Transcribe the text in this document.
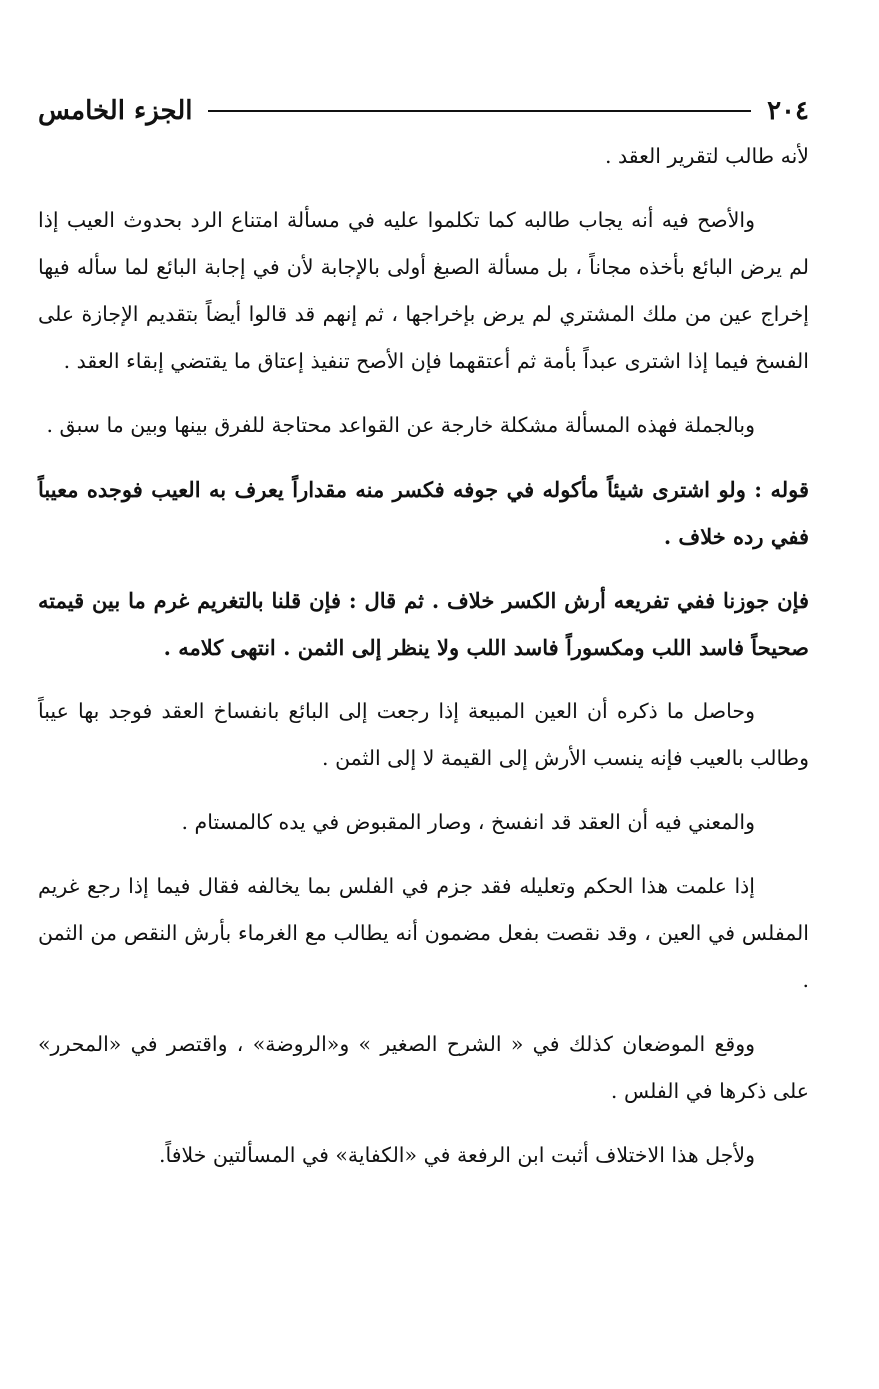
٢٠٤
الجزء الخامس

لأنه طالب لتقرير العقد .

والأصح فيه أنه يجاب طالبه كما تكلموا عليه في مسألة امتناع الرد بحدوث العيب إذا لم يرض البائع بأخذه مجاناً ، بل مسألة الصبغ أولى بالإجابة لأن في إجابة البائع لما سأله فيها إخراج عين من ملك المشتري لم يرض بإخراجها ، ثم إنهم قد قالوا أيضاً بتقديم الإجازة على الفسخ فيما إذا اشترى عبداً بأمة ثم أعتقهما فإن الأصح تنفيذ إعتاق ما يقتضي إبقاء العقد .

وبالجملة فهذه المسألة مشكلة خارجة عن القواعد محتاجة للفرق بينها وبين ما سبق .

قوله : ولو اشترى شيئاً مأكوله في جوفه فكسر منه مقداراً يعرف به العيب فوجده معيباً ففي رده خلاف .

فإن جوزنا ففي تفريعه أرش الكسر خلاف . ثم قال : فإن قلنا بالتغريم غرم ما بين قيمته صحيحاً فاسد اللب ومكسوراً فاسد اللب ولا ينظر إلى الثمن . انتهى كلامه .

وحاصل ما ذكره أن العين المبيعة إذا رجعت إلى البائع بانفساخ العقد فوجد بها عيباً وطالب بالعيب فإنه ينسب الأرش إلى القيمة لا إلى الثمن .

والمعني فيه أن العقد قد انفسخ ، وصار المقبوض في يده كالمستام .

إذا علمت هذا الحكم وتعليله فقد جزم في الفلس بما يخالفه فقال فيما إذا رجع غريم المفلس في العين ، وقد نقصت بفعل مضمون أنه يطالب مع الغرماء بأرش النقص من الثمن .

ووقع الموضعان كذلك في « الشرح الصغير » و«الروضة» ، واقتصر في «المحرر» على ذكرها في الفلس .

ولأجل هذا الاختلاف أثبت ابن الرفعة في «الكفاية» في المسألتين خلافاً.
